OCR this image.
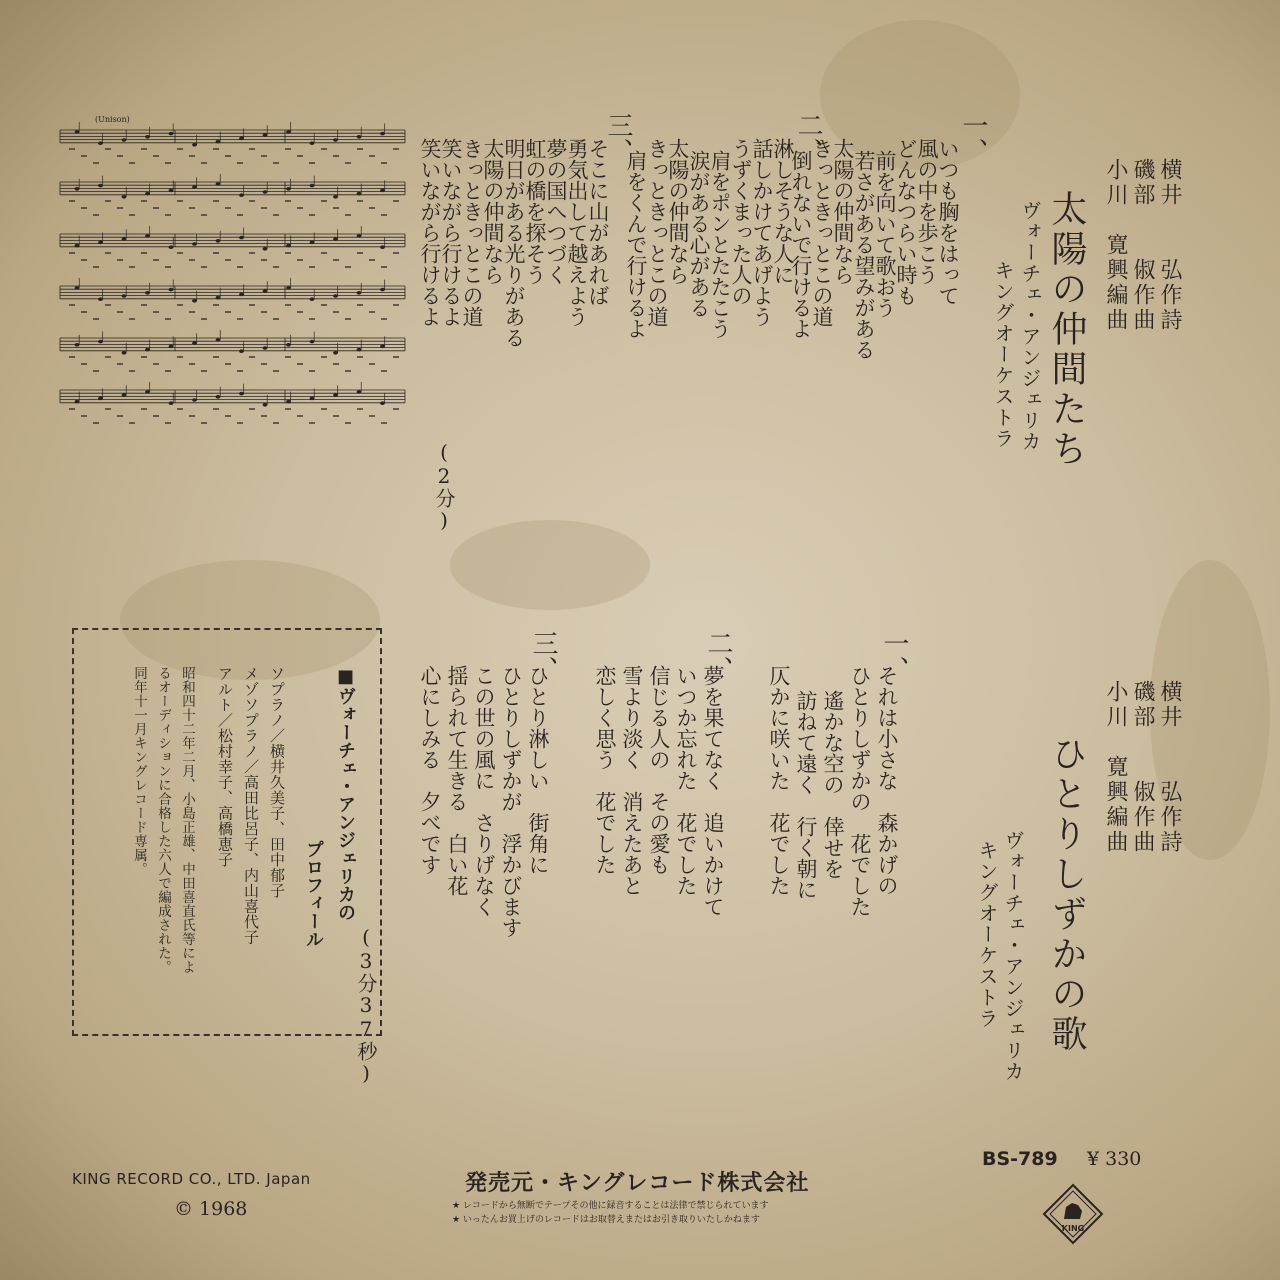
横井　　弘作詩
磯部　　俶作曲
小川　寛興編曲
太陽の仲間たち
ヴォーチェ・アンジェリカ
キングオーケストラ
(2分)
(Unison)
横井　　弘作詩
磯部　　俶作曲
小川　寛興編曲
ひとりしずかの歌
ヴォーチェ・アンジェリカ
キングオーケストラ
一、
それは小さな　森かげの
ひとりしずかの　花でした
遙かな空の　倖せを
訪ねて遠く　行く朝に
仄かに咲いた　花でした
二、
夢を果てなく　追いかけて
いつか忘れた　花でした
信じる人の　その愛も
雪より淡く　消えたあと
恋しく思う　花でした
三、
ひとり淋しい　街角に
ひとりしずかが　浮かびます
この世の風に　さりげなく
揺られて生きる　白い花
心にしみる　夕べです
(3分37秒)
■ヴォーチェ・アンジェリカの
プロフィール
ソプラノ／横井久美子、田中郁子
メゾソプラノ／高田比呂子、内山喜代子
アルト／松村幸子、高橋恵子
昭和四十二年二月、小島正雄、中田喜直氏等によ
るオーディションに合格した六人で編成された。
同年十一月キングレコード専属。
KING RECORD CO., LTD. Japan
© 1968
発売元・キングレコード株式会社
★ レコードから無断でテープその他に録音することは法律で禁じられています
★ いったんお買上げのレコードはお取替えまたはお引き取りいたしかねます
BS-789 ¥ 330
KING
一、
いつも胸をはって
風の中を歩こう
どんなつらい時も
前を向いて歌おう
若さがある望みがある
太陽の仲間なら
きっときっとこの道
倒れないで行けるよ
二、
淋しそうな人に
話しかけてあげよう
うずくまった人の
肩をポンとたたこう
涙がある心がある
太陽の仲間なら
きっときっとこの道
肩をくんで行けるよ
三、
そこに山があれば
勇気出して越えよう
夢の国へつづく
虹の橋を探そう
明日がある光りがある
太陽の仲間なら
きっときっとこの道
笑いながら行けるよ
笑いながら行けるよ
